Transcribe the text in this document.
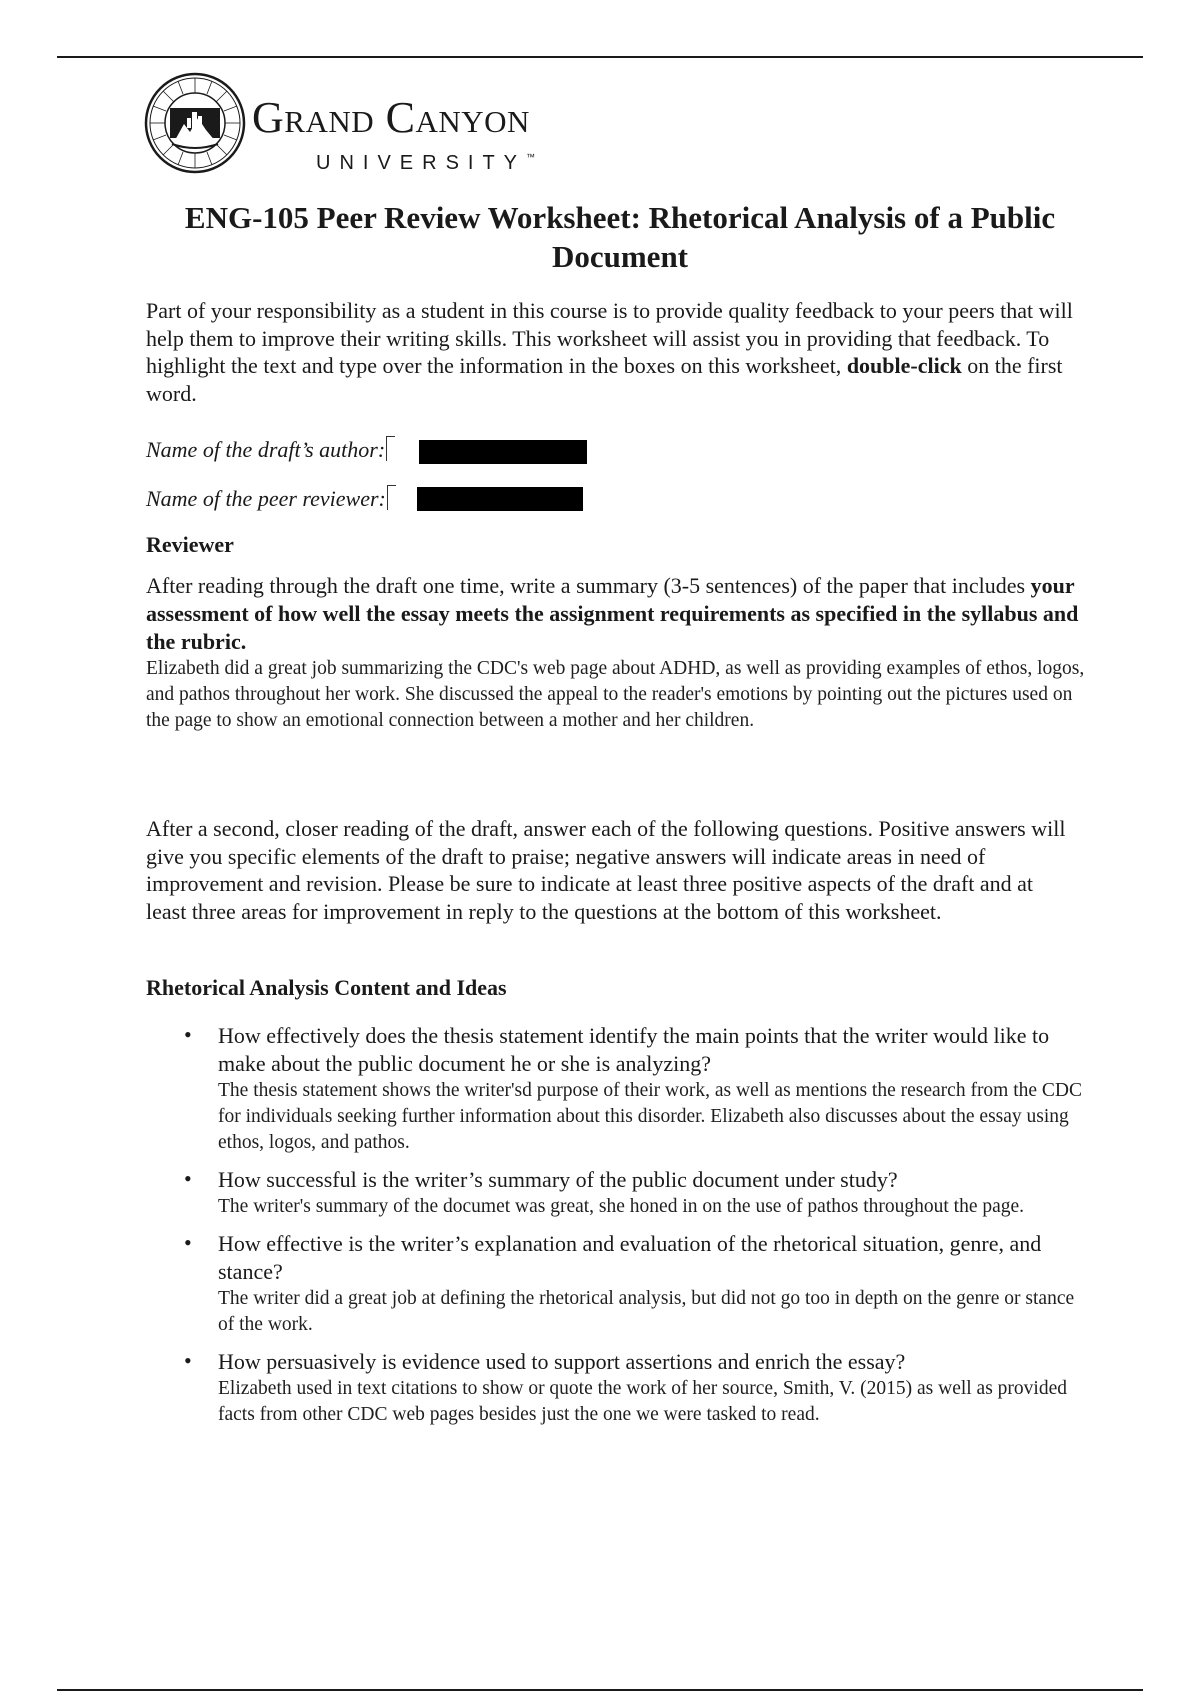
Grand Canyon
UNIVERSITY™
ENG-105 Peer Review Worksheet: Rhetorical Analysis of a Public Document
Part of your responsibility as a student in this course is to provide quality feedback to your peers that will help them to improve their writing skills. This worksheet will assist you in providing that feedback. To highlight the text and type over the information in the boxes on this worksheet, double-click on the first word.
Name of the draft’s author:
Name of the peer reviewer:
Reviewer
After reading through the draft one time, write a summary (3-5 sentences) of the paper that includes your assessment of how well the essay meets the assignment requirements as specified in the syllabus and the rubric.
Elizabeth did a great job summarizing the CDC's web page about ADHD, as well as providing examples of ethos, logos, and pathos throughout her work. She discussed the appeal to the reader's emotions by pointing out the pictures used on the page to show an emotional connection between a mother and her children.
After a second, closer reading of the draft, answer each of the following questions. Positive answers will give you specific elements of the draft to praise; negative answers will indicate areas in need of improvement and revision. Please be sure to indicate at least three positive aspects of the draft and at least three areas for improvement in reply to the questions at the bottom of this worksheet.
Rhetorical Analysis Content and Ideas
• How effectively does the thesis statement identify the main points that the writer would like to make about the public document he or she is analyzing?
The thesis statement shows the writer'sd purpose of their work, as well as mentions the research from the CDC for individuals seeking further information about this disorder. Elizabeth also discusses about the essay using ethos, logos, and pathos.
• How successful is the writer’s summary of the public document under study?
The writer's summary of the documet was great, she honed in on the use of pathos throughout the page.
• How effective is the writer’s explanation and evaluation of the rhetorical situation, genre, and stance?
The writer did a great job at defining the rhetorical analysis, but did not go too in depth on the genre or stance of the work.
• How persuasively is evidence used to support assertions and enrich the essay?
Elizabeth used in text citations to show or quote the work of her source, Smith, V. (2015) as well as provided facts from other CDC web pages besides just the one we were tasked to read.
